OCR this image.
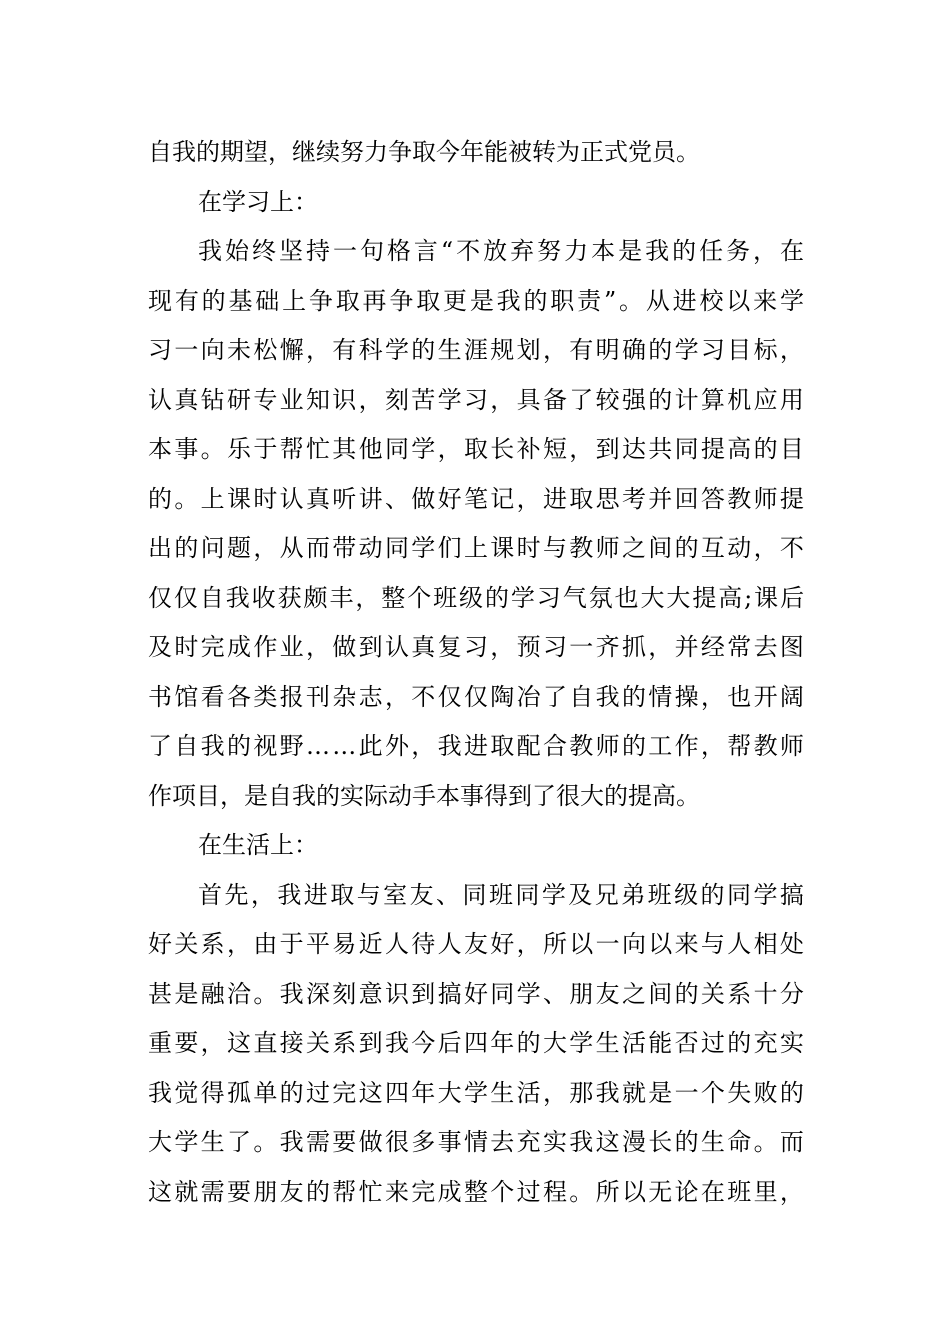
自我的期望，继续努力争取今年能被转为正式党员。
在学习上：
我始终坚持一句格言“不放弃努力本是我的任务，在
现有的基础上争取再争取更是我的职责”。从进校以来学
习一向未松懈，有科学的生涯规划，有明确的学习目标，
认真钻研专业知识，刻苦学习，具备了较强的计算机应用
本事。乐于帮忙其他同学，取长补短，到达共同提高的目
的。上课时认真听讲、做好笔记，进取思考并回答教师提
出的问题，从而带动同学们上课时与教师之间的互动，不
仅仅自我收获颇丰，整个班级的学习气氛也大大提高;课后
及时完成作业，做到认真复习，预习一齐抓，并经常去图
书馆看各类报刊杂志，不仅仅陶冶了自我的情操，也开阔
了自我的视野……此外，我进取配合教师的工作，帮教师
作项目，是自我的实际动手本事得到了很大的提高。
在生活上：
首先，我进取与室友、同班同学及兄弟班级的同学搞
好关系，由于平易近人待人友好，所以一向以来与人相处
甚是融洽。我深刻意识到搞好同学、朋友之间的关系十分
重要，这直接关系到我今后四年的大学生活能否过的充实
我觉得孤单的过完这四年大学生活，那我就是一个失败的
大学生了。我需要做很多事情去充实我这漫长的生命。而
这就需要朋友的帮忙来完成整个过程。所以无论在班里，
